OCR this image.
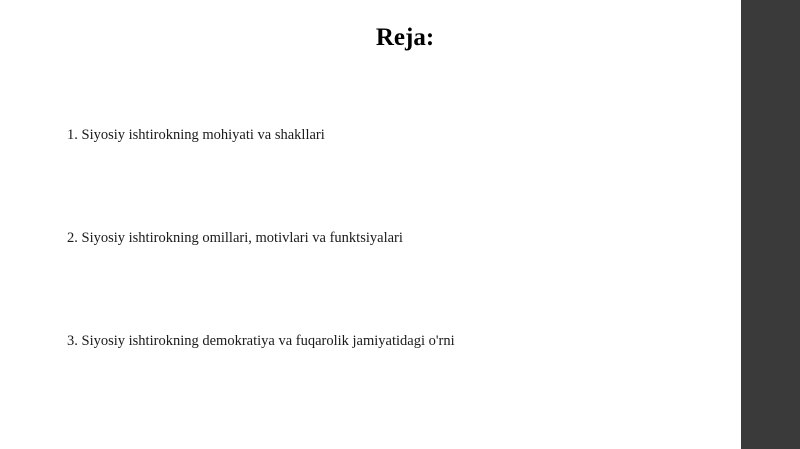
Reja:
1. Siyosiy ishtirokning mohiyati va shakllari
2. Siyosiy ishtirokning omillari, motivlari va funktsiyalari
3. Siyosiy ishtirokning demokratiya va fuqarolik jamiyatidagi o'rni
